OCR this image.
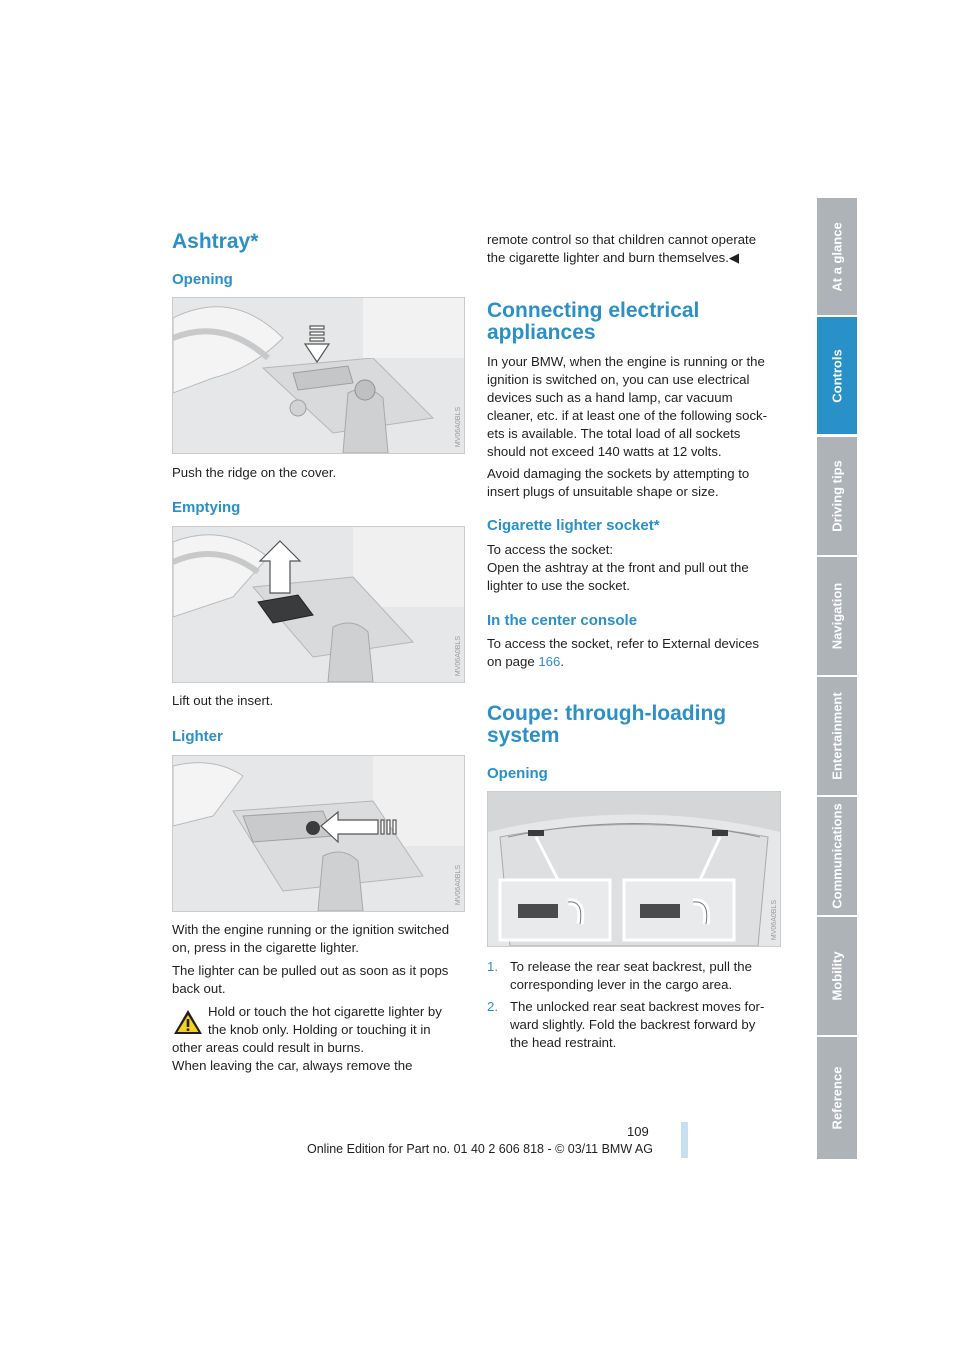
At a glance
Controls
Driving tips
Navigation
Entertainment
Communications
Mobility
Reference
Ashtray*
Opening
MV06A0BLS
Push the ridge on the cover.
Emptying
MV06A0BLS
Lift out the insert.
Lighter
MV06A0BLS
With the engine running or the ignition switched
on, press in the cigarette lighter.
The lighter can be pulled out as soon as it pops
back out.
Hold or touch the hot cigarette lighter by
the knob only. Holding or touching it in
other areas could result in burns.
When leaving the car, always remove the
remote control so that children cannot operate
the cigarette lighter and burn themselves.◀
Connecting electrical
appliances
In your BMW, when the engine is running or the
ignition is switched on, you can use electrical
devices such as a hand lamp, car vacuum
cleaner, etc. if at least one of the following sock-
ets is available. The total load of all sockets
should not exceed 140 watts at 12 volts.
Avoid damaging the sockets by attempting to
insert plugs of unsuitable shape or size.
Cigarette lighter socket*
To access the socket:
Open the ashtray at the front and pull out the
lighter to use the socket.
In the center console
To access the socket, refer to External devices
on page 166.
Coupe: through-loading
system
Opening
MV06A0BLS
1. To release the rear seat backrest, pull the
corresponding lever in the cargo area.
2. The unlocked rear seat backrest moves for-
ward slightly. Fold the backrest forward by
the head restraint.
109
Online Edition for Part no. 01 40 2 606 818 - © 03/11 BMW AG
